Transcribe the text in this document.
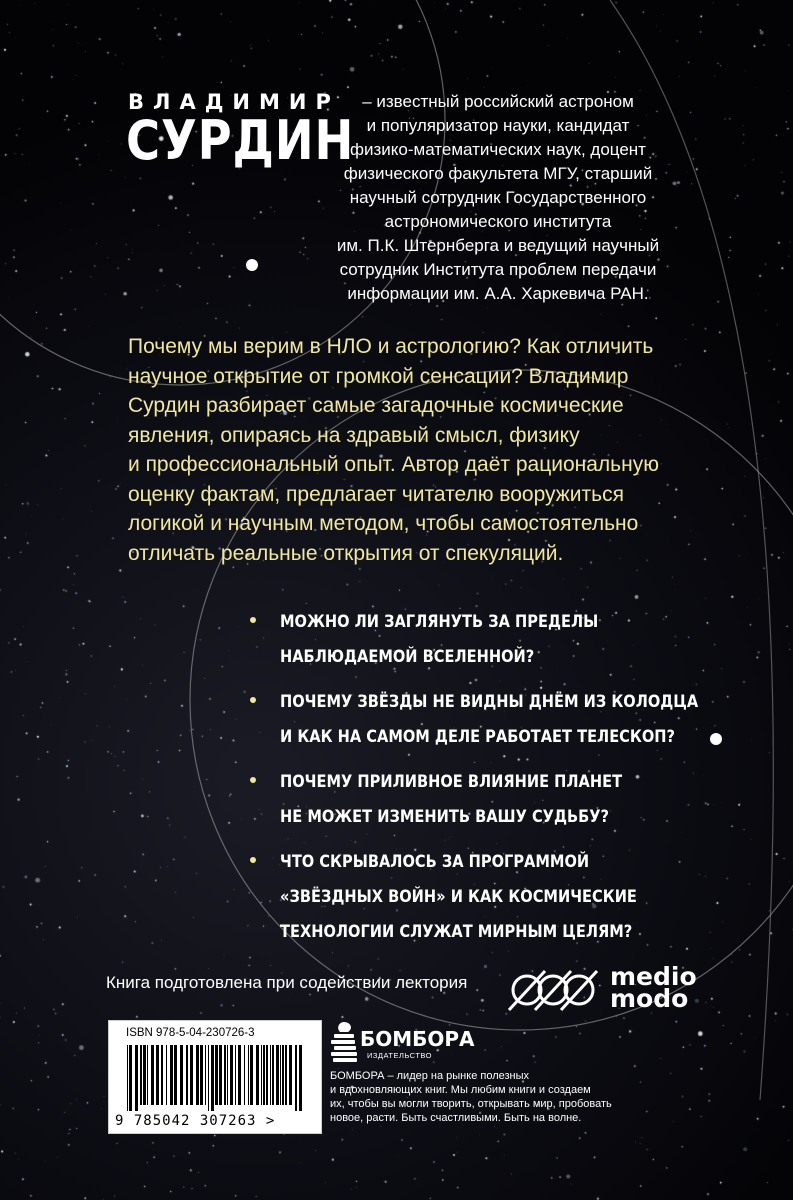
ВЛАДИМИР
СУРДИН
– известный российский астроном
и популяризатор науки, кандидат
физико-математических наук, доцент
физического факультета МГУ, старший
научный сотрудник Государственного
астрономического института
им. П.К. Штернберга и ведущий научный
сотрудник Института проблем передачи
информации им. А.А. Харкевича РАН.
Почему мы верим в НЛО и астрологию? Как отличить
научное открытие от громкой сенсации? Владимир
Сурдин разбирает самые загадочные космические
явления, опираясь на здравый смысл, физику
и профессиональный опыт. Автор даёт рациональную
оценку фактам, предлагает читателю вооружиться
логикой и научным методом, чтобы самостоятельно
отличать реальные открытия от спекуляций.
МОЖНО ЛИ ЗАГЛЯНУТЬ ЗА ПРЕДЕЛЫ
НАБЛЮДАЕМОЙ ВСЕЛЕННОЙ?
ПОЧЕМУ ЗВЁЗДЫ НЕ ВИДНЫ ДНЁМ ИЗ КОЛОДЦА
И КАК НА САМОМ ДЕЛЕ РАБОТАЕТ ТЕЛЕСКОП?
ПОЧЕМУ ПРИЛИВНОЕ ВЛИЯНИЕ ПЛАНЕТ
НЕ МОЖЕТ ИЗМЕНИТЬ ВАШУ СУДЬБУ?
ЧТО СКРЫВАЛОСЬ ЗА ПРОГРАММОЙ
«ЗВЁЗДНЫХ ВОЙН» И КАК КОСМИЧЕСКИЕ
ТЕХНОЛОГИИ СЛУЖАТ МИРНЫМ ЦЕЛЯМ?
Книга подготовлена при содействии лектория	medio
modo
ISBN 978-5-04-230726-3
9 785042 307263 >
БОМБОРА
ИЗДАТЕЛЬСТВО
БОМБОРА – лидер на рынке полезных
и вдохновляющих книг. Мы любим книги и создаем
их, чтобы вы могли творить, открывать мир, пробовать
новое, расти. Быть счастливыми. Быть на волне.
